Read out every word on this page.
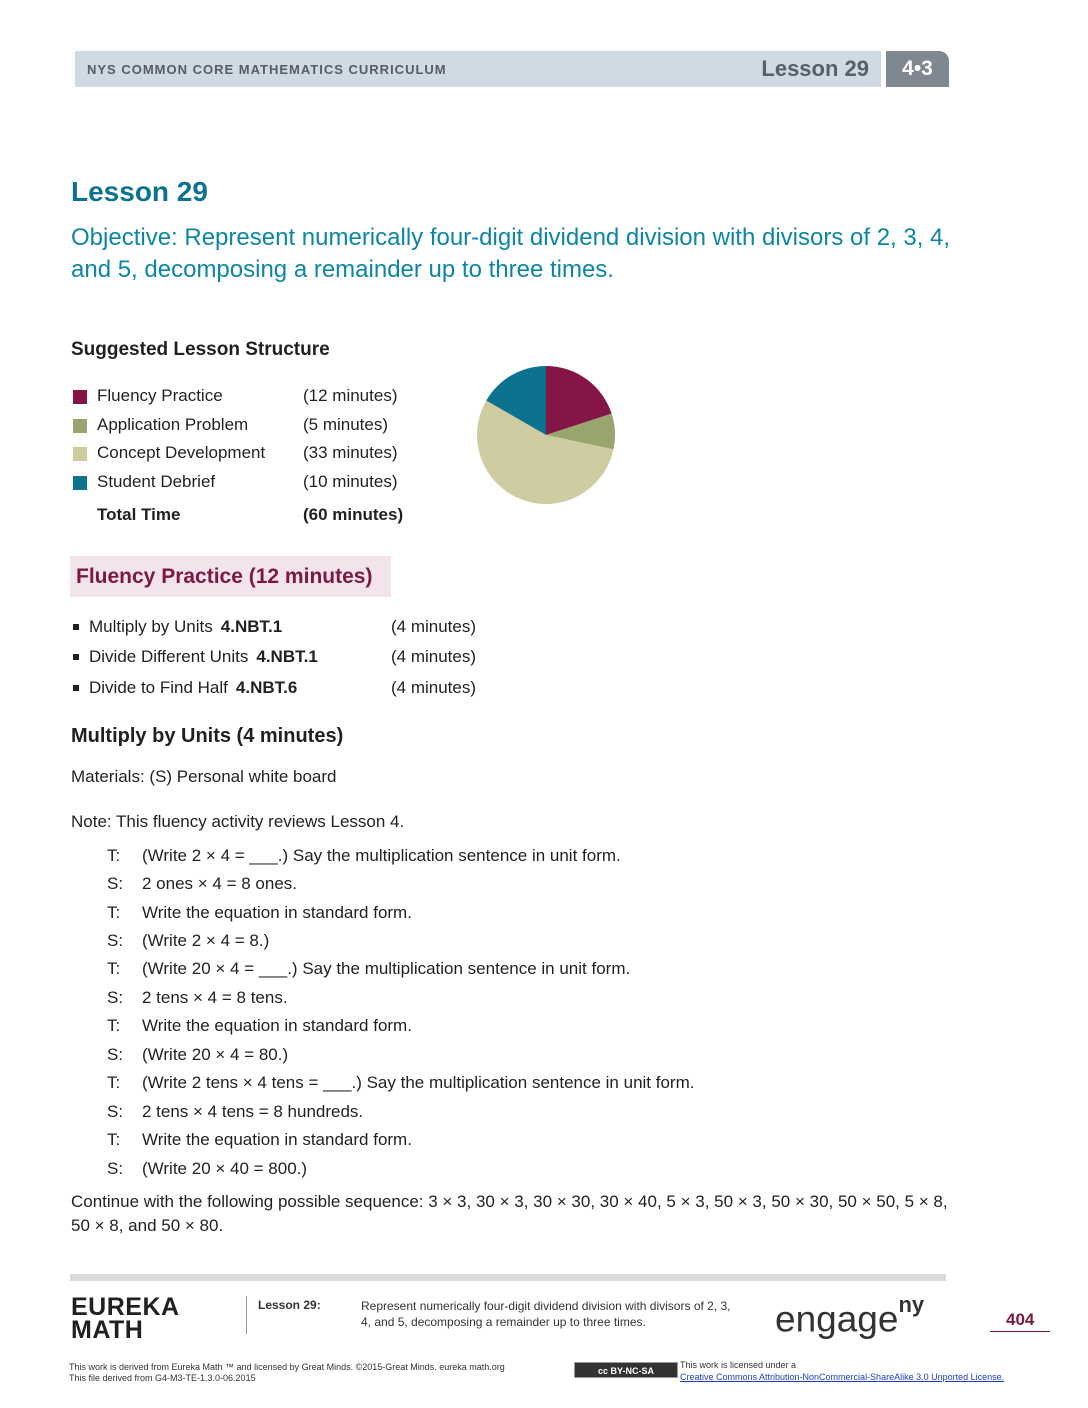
NYS COMMON CORE MATHEMATICS CURRICULUM	Lesson 29	4•3
Lesson 29

Objective: Represent numerically four-digit dividend division with divisors of 2, 3, 4, and 5, decomposing a remainder up to three times.

Suggested Lesson Structure
Fluency Practice	(12 minutes)
Application Problem	(5 minutes)
Concept Development (33 minutes)
Student Debrief	(10 minutes)
Total Time	(60 minutes)
Fluency Practice (12 minutes)
Multiply by Units 4.NBT.1	(4 minutes)
Divide Different Units 4.NBT.1	(4 minutes)
Divide to Find Half 4.NBT.6	(4 minutes)
Multiply by Units (4 minutes)
Materials: (S) Personal white board
Note: This fluency activity reviews Lesson 4.
T: (Write 2 × 4 = ___.) Say the multiplication sentence in unit form.
S: 2 ones × 4 = 8 ones.
T: Write the equation in standard form.
S: (Write 2 × 4 = 8.)
T: (Write 20 × 4 = ___.) Say the multiplication sentence in unit form.
S: 2 tens × 4 = 8 tens.
T: Write the equation in standard form.
S: (Write 20 × 4 = 80.)
T: (Write 2 tens × 4 tens = ___.) Say the multiplication sentence in unit form.
S: 2 tens × 4 tens = 8 hundreds.
T: Write the equation in standard form.
S: (Write 20 × 40 = 800.)

Continue with the following possible sequence: 3 × 3, 30 × 3, 30 × 30, 30 × 40, 5 × 3, 50 × 3, 50 × 30, 50 × 50, 5 × 8, 50 × 8, and 50 × 80.

EUREKA
MATH
Lesson 29:	Represent numerically four-digit dividend division with divisors of 2, 3, 4, and 5, decomposing a remainder up to three times.	engage$^{ny}$
404
This work is derived from Eureka Math ™ and licensed by Great Minds. ©2015-Great Minds. eureka math.org
This file derived from G4-M3-TE-1.3.0-06.2015
cc BY-NC-SA
This work is licensed under a
Creative Commons Attribution-NonCommercial-ShareAlike 3.0 Unported License.
